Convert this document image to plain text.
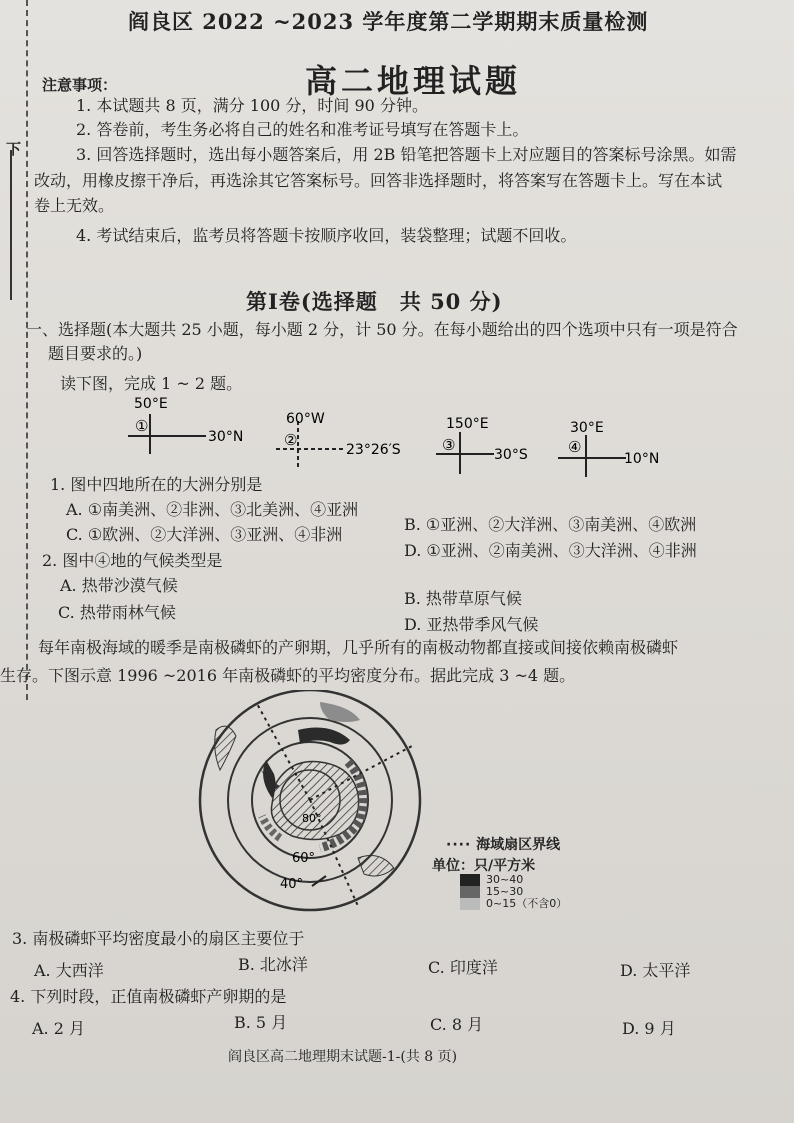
阎良区 2022 ~2023 学年度第二学期期末质量检测
下
注意事项：	高二地理试题
1. 本试题共 8 页，满分 100 分，时间 90 分钟。
2. 答卷前，考生务必将自己的姓名和准考证号填写在答题卡上。
3. 回答选择题时，选出每小题答案后，用 2B 铅笔把答题卡上对应题目的答案标号涂黑。如需
改动，用橡皮擦干净后，再选涂其它答案标号。回答非选择题时，将答案写在答题卡上。写在本试
卷上无效。
4. 考试结束后，监考员将答题卡按顺序收回，装袋整理；试题不回收。
第Ⅰ卷(选择题　共 50 分)
一、选择题(本大题共 25 小题，每小题 2 分，计 50 分。在每小题给出的四个选项中只有一项是符合
题目要求的。)
读下图，完成 1 ~ 2 题。
①
50°E
30°N	②
60°W
23°26′S	③
150°E
30°S	④
30°E
10°N
1. 图中四地所在的大洲分别是
A. ①南美洲、②非洲、③北美洲、④亚洲
B. ①亚洲、②大洋洲、③南美洲、④欧洲
C. ①欧洲、②大洋洲、③亚洲、④非洲
D. ①亚洲、②南美洲、③大洋洲、④非洲
2. 图中④地的气候类型是
A. 热带沙漠气候
B. 热带草原气候
C. 热带雨林气候
D. 亚热带季风气候
每年南极海域的暖季是南极磷虾的产卵期，几乎所有的南极动物都直接或间接依赖南极磷虾
生存。下图示意 1996 ~2016 年南极磷虾的平均密度分布。据此完成 3 ~4 题。
80°
60°
40°
···· 海域扇区界线
单位：只/平方米
30~40
15~30
0~15（不含0）
3. 南极磷虾平均密度最小的扇区主要位于
A. 大西洋	B. 北冰洋	C. 印度洋	D. 太平洋
4. 下列时段，正值南极磷虾产卵期的是
A. 2 月	B. 5 月	C. 8 月	D. 9 月
阎良区高二地理期末试题-1-(共 8 页)
